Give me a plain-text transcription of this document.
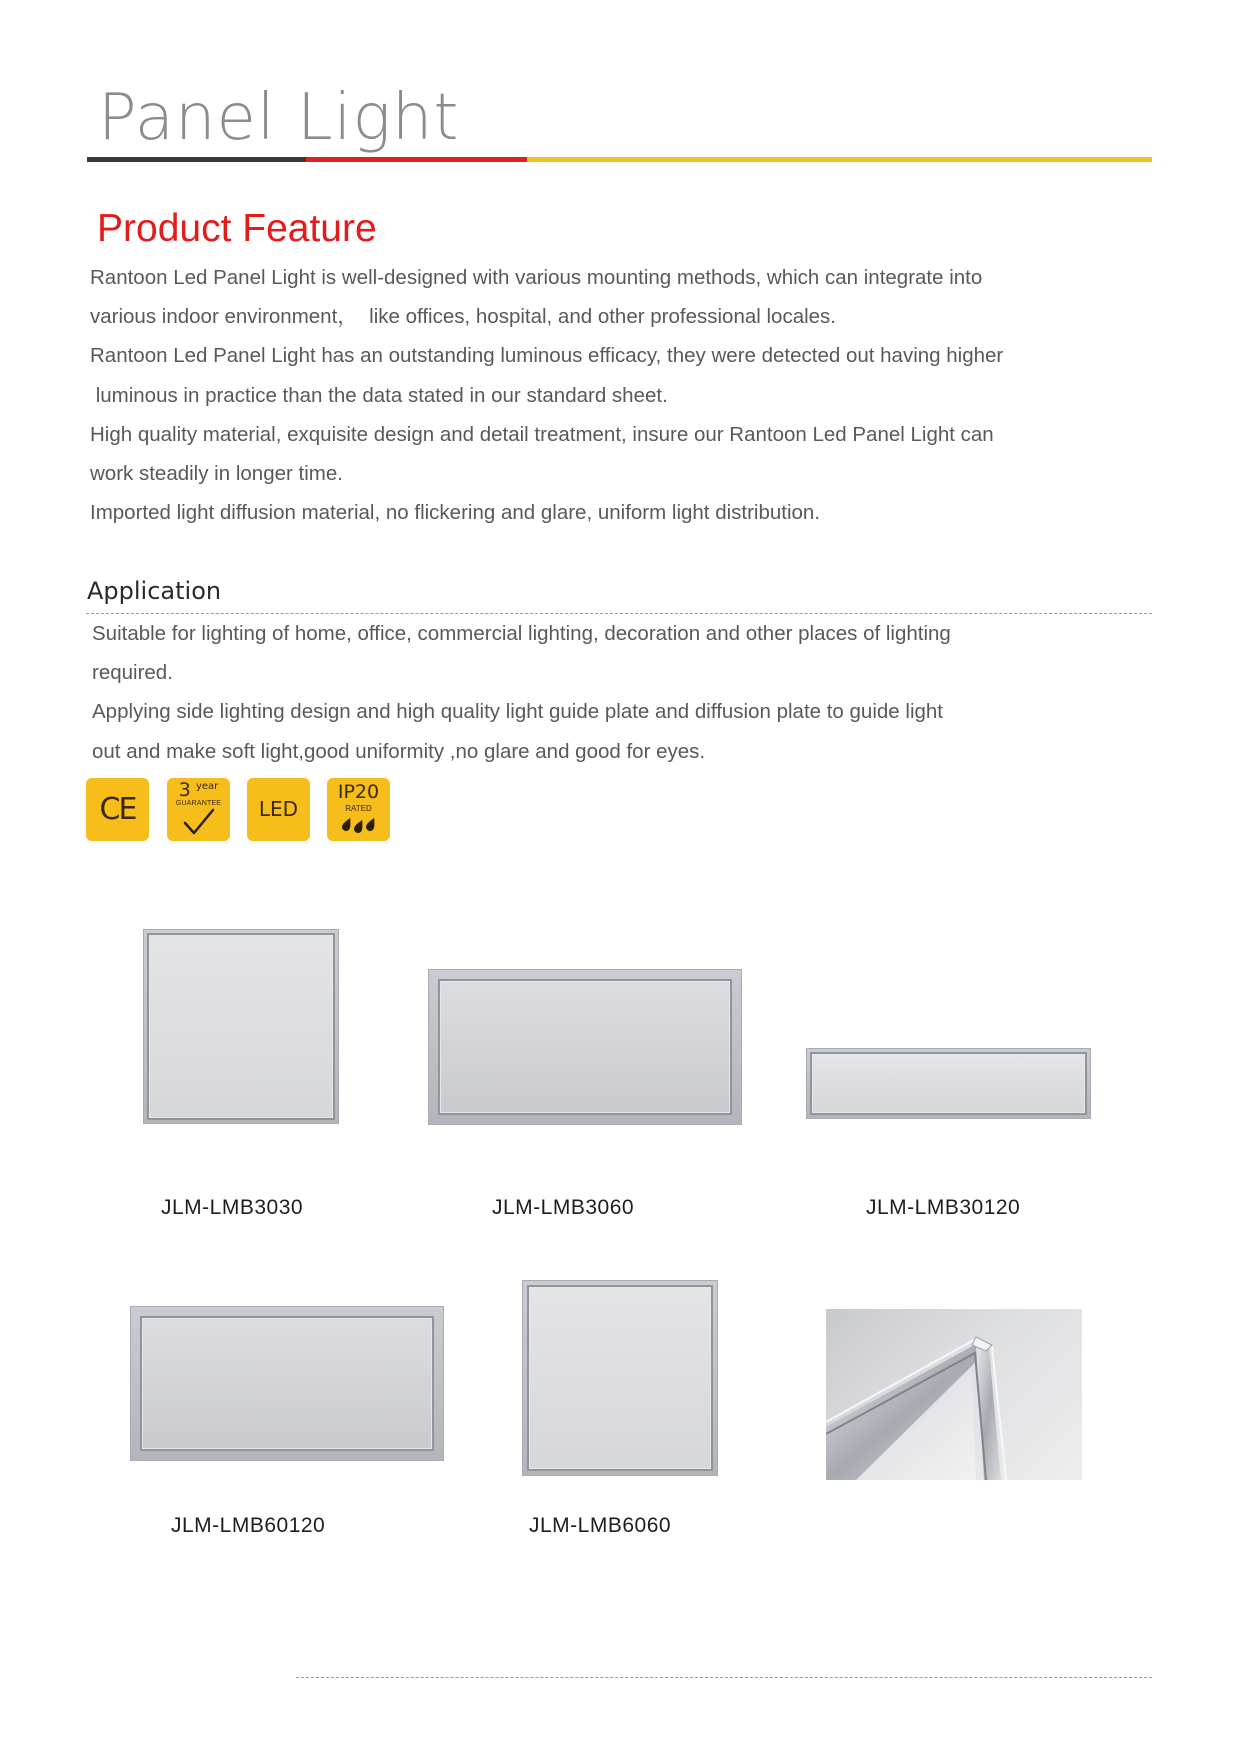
Panel Light
Product Feature

Rantoon Led Panel Light is well-designed with various mounting methods, which can integrate into
various indoor environment，  like offices, hospital, and other professional locales.
Rantoon Led Panel Light has an outstanding luminous efficacy, they were detected out having higher
luminous in practice than the data stated in our standard sheet.
High quality material, exquisite design and detail treatment, insure our Rantoon Led Panel Light can
work steadily in longer time.
Imported light diffusion material, no flickering and glare, uniform light distribution.

Application

Suitable for lighting of home, office, commercial lighting, decoration and other places of lighting
required.
Applying side lighting design and high quality light guide plate and diffusion plate to guide light
out and make soft light,good uniformity ,no glare and good for eyes.

CE
3 $^{year}$
GUARANTEE	LED
IP20
RATED

JLM-LMB3030	JLM-LMB3060	JLM-LMB30120

JLM-LMB60120	JLM-LMB6060
